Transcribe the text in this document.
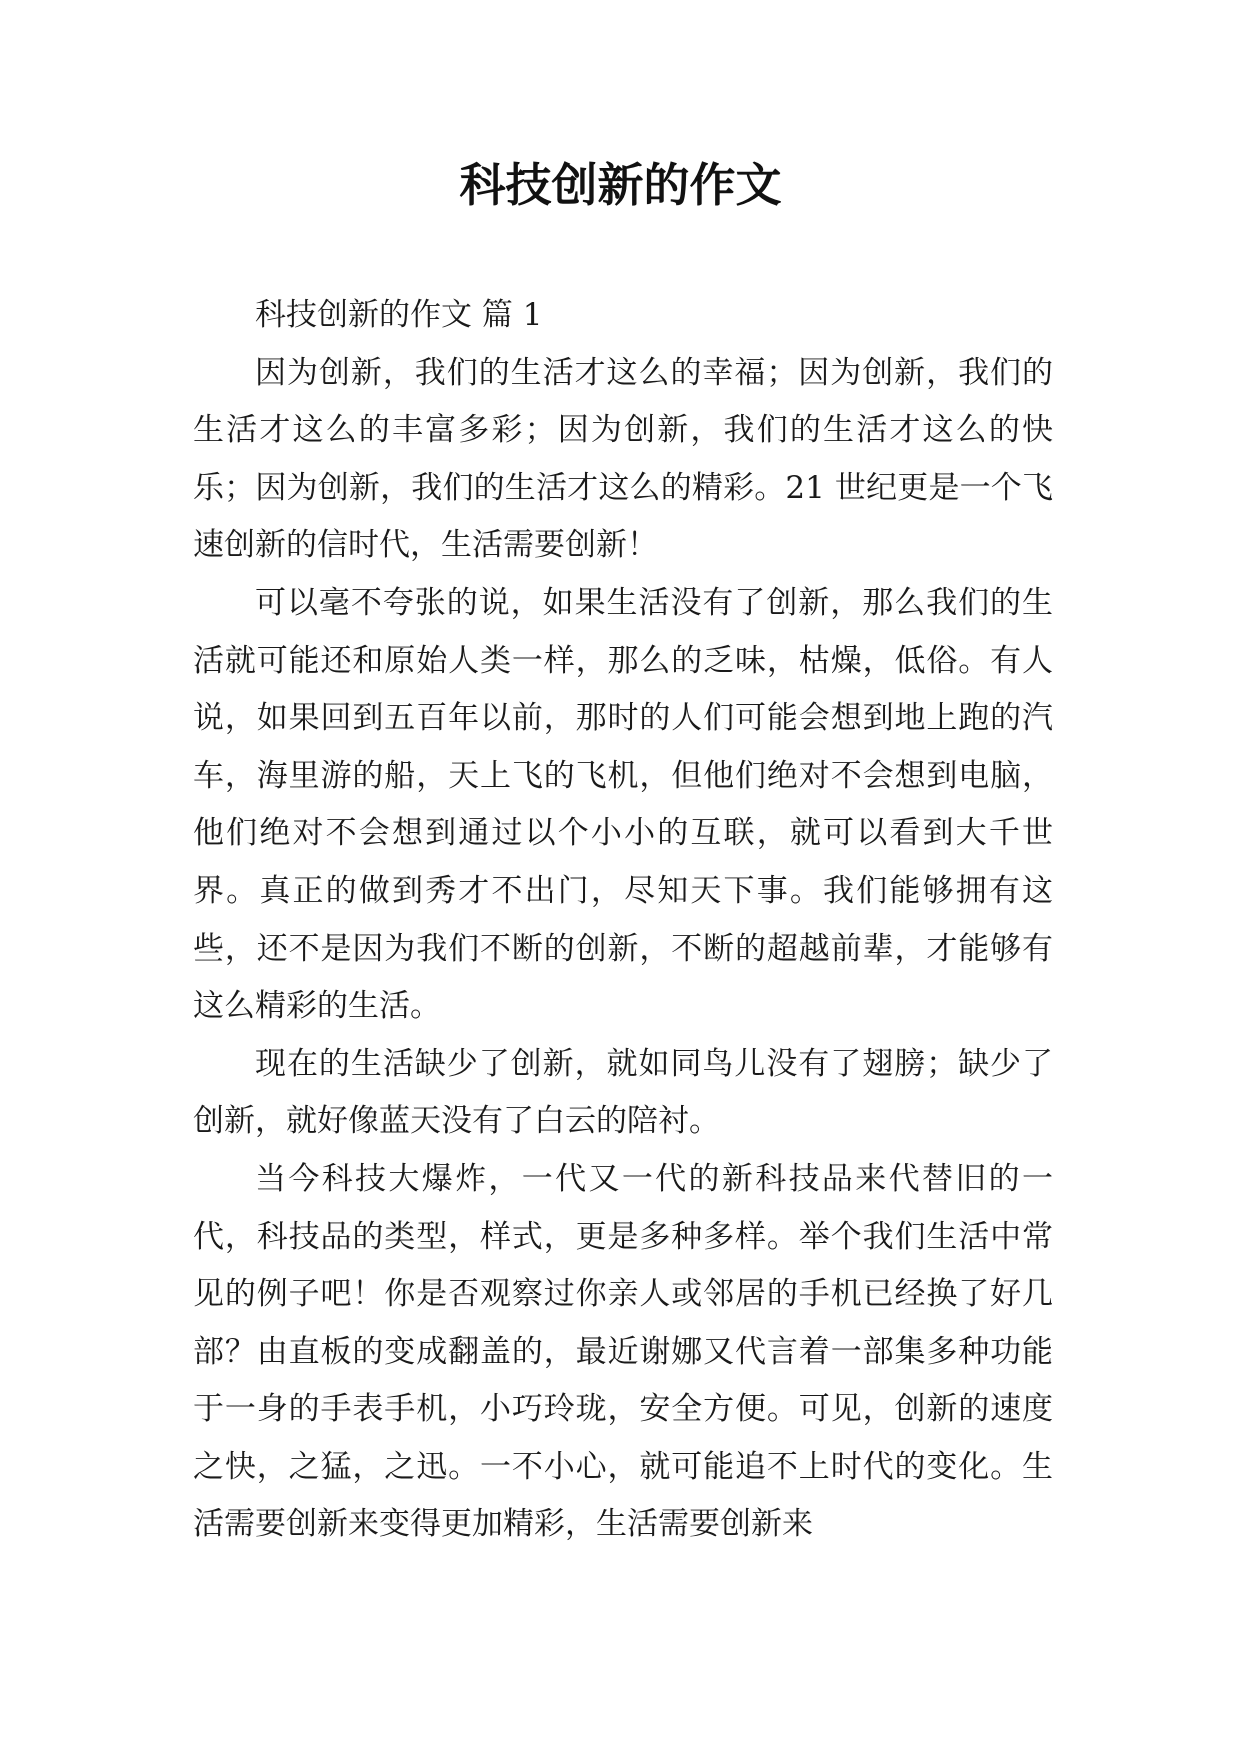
科技创新的作文

科技创新的作文 篇 1

因为创新，我们的生活才这么的幸福；因为创新，我们的生活才这么的丰富多彩；因为创新，我们的生活才这么的快乐；因为创新，我们的生活才这么的精彩。21 世纪更是一个飞速创新的信时代，生活需要创新！

可以毫不夸张的说，如果生活没有了创新，那么我们的生活就可能还和原始人类一样，那么的乏味，枯燥，低俗。有人说，如果回到五百年以前，那时的人们可能会想到地上跑的汽车，海里游的船，天上飞的飞机，但他们绝对不会想到电脑，他们绝对不会想到通过以个小小的互联，就可以看到大千世界。真正的做到秀才不出门，尽知天下事。我们能够拥有这些，还不是因为我们不断的创新，不断的超越前辈，才能够有这么精彩的生活。

现在的生活缺少了创新，就如同鸟儿没有了翅膀；缺少了创新，就好像蓝天没有了白云的陪衬。

当今科技大爆炸，一代又一代的新科技品来代替旧的一代，科技品的类型，样式，更是多种多样。举个我们生活中常见的例子吧！你是否观察过你亲人或邻居的手机已经换了好几部？由直板的变成翻盖的，最近谢娜又代言着一部集多种功能于一身的手表手机，小巧玲珑，安全方便。可见，创新的速度之快，之猛，之迅。一不小心，就可能追不上时代的变化。生活需要创新来变得更加精彩，生活需要创新来
